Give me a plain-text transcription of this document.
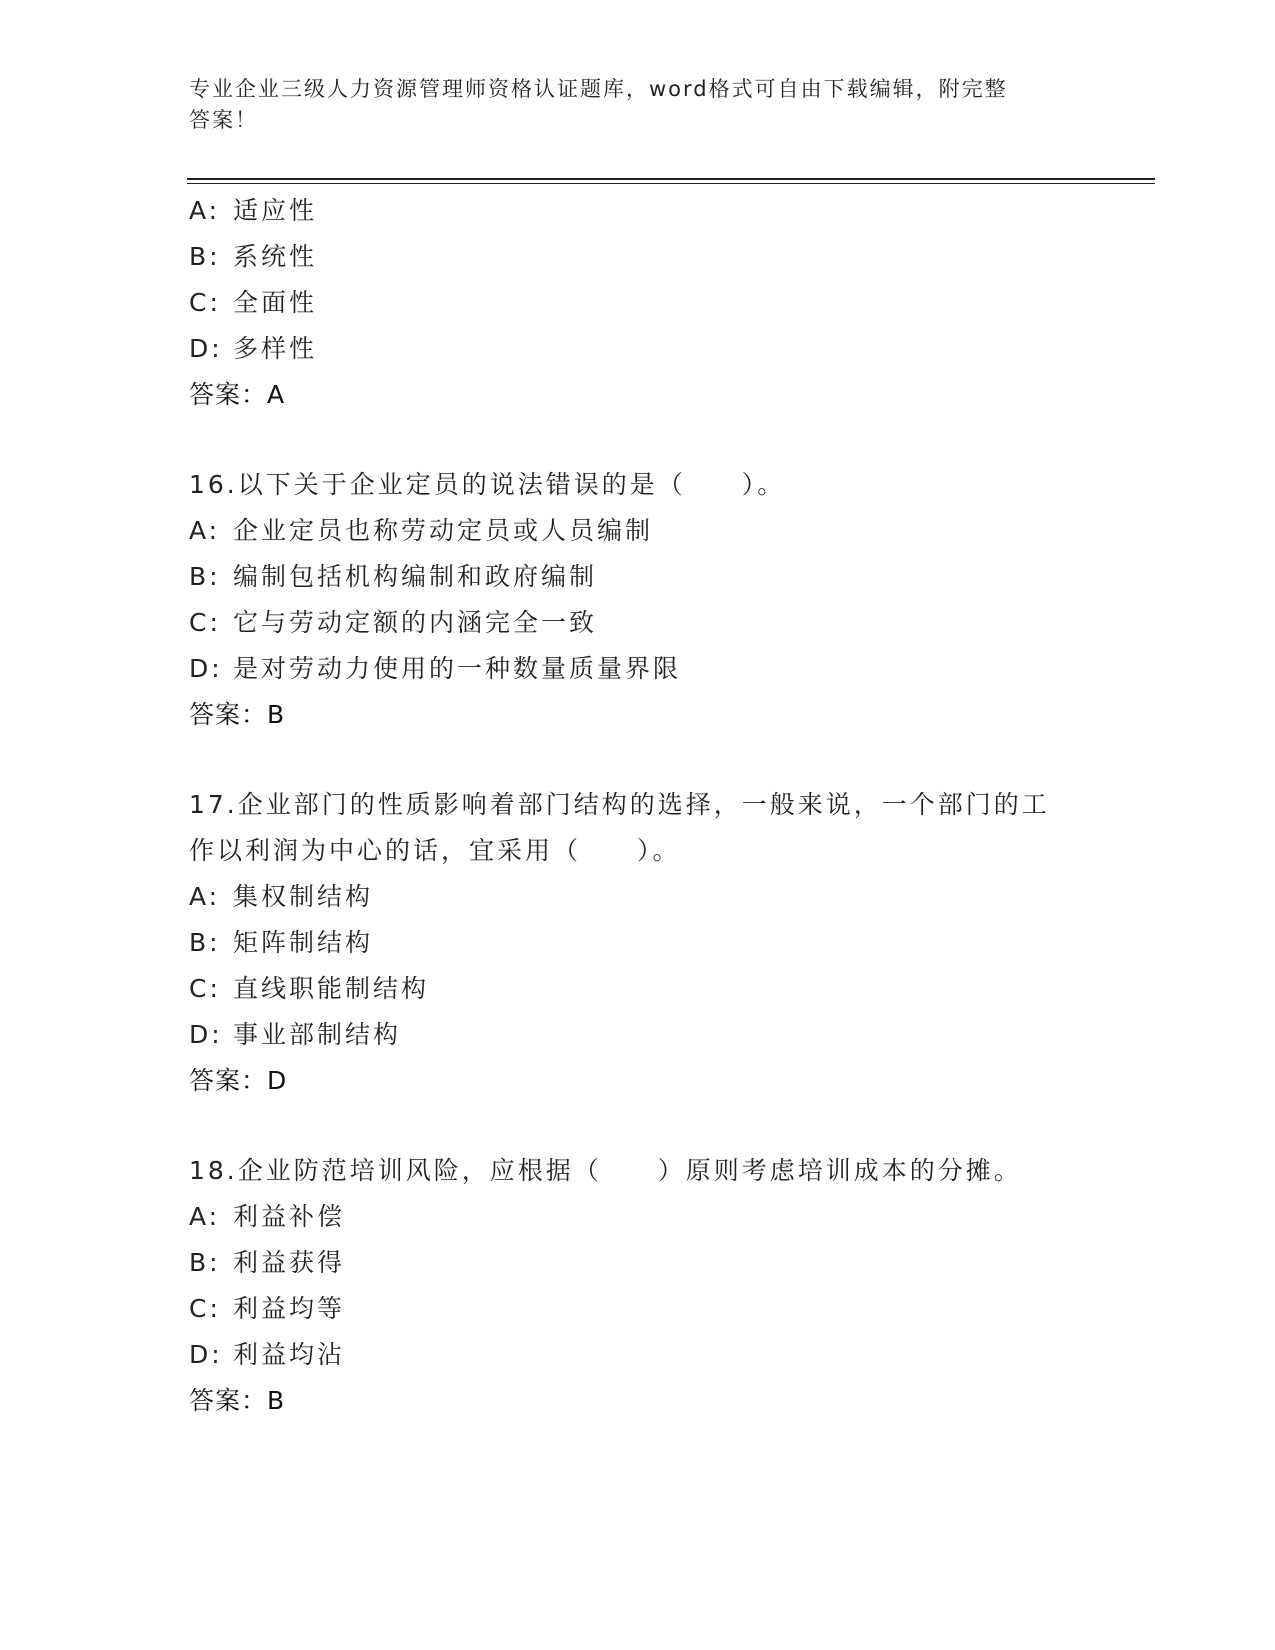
专业企业三级人力资源管理师资格认证题库，word格式可自由下载编辑，附完整
答案！
A: 适应性
B: 系统性
C: 全面性
D: 多样性
答案：A
16.以下关于企业定员的说法错误的是（　　）。
A: 企业定员也称劳动定员或人员编制
B: 编制包括机构编制和政府编制
C: 它与劳动定额的内涵完全一致
D: 是对劳动力使用的一种数量质量界限
答案：B
17.企业部门的性质影响着部门结构的选择，一般来说，一个部门的工
作以利润为中心的话，宜采用（　　）。
A: 集权制结构
B: 矩阵制结构
C: 直线职能制结构
D: 事业部制结构
答案：D
18.企业防范培训风险，应根据（　　）原则考虑培训成本的分摊。
A: 利益补偿
B: 利益获得
C: 利益均等
D: 利益均沾
答案：B
